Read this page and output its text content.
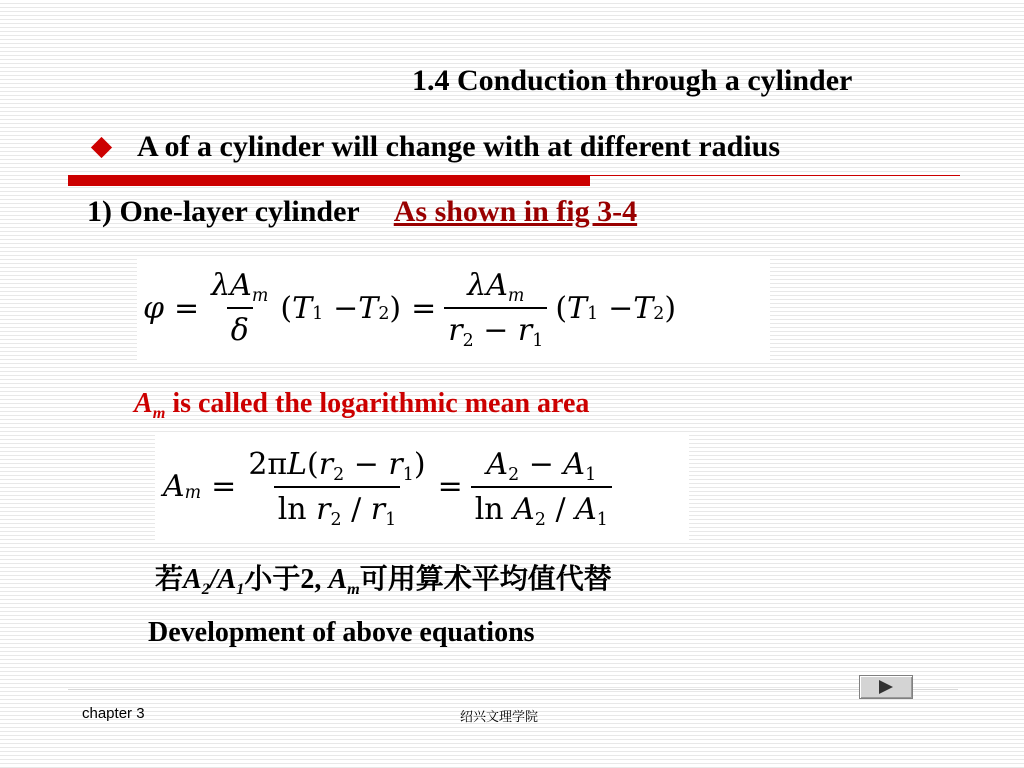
1.4 Conduction through a cylinder
A of a cylinder will change with at different radius
1) One-layer cylinder As shown in fig 3-4
$\varphi = \frac{\lambda A_m}{\delta}$ ( T 1 − T 2 ) = $\frac{\lambda A_m}{r_2 - r_1}$ ( T 1 − T 2 )
$A_m$ is called the logarithmic mean area
A $m = \frac{2\pi L(r_2 - r_1)}{\ln r_2 / r_1} = \frac{A_2 - A_1}{\ln A_2 / A_1}$
若$A_2/A_1$小于2, $A_m$可用算术平均值代替
Development of above equations
chapter 3	绍兴文理学院
